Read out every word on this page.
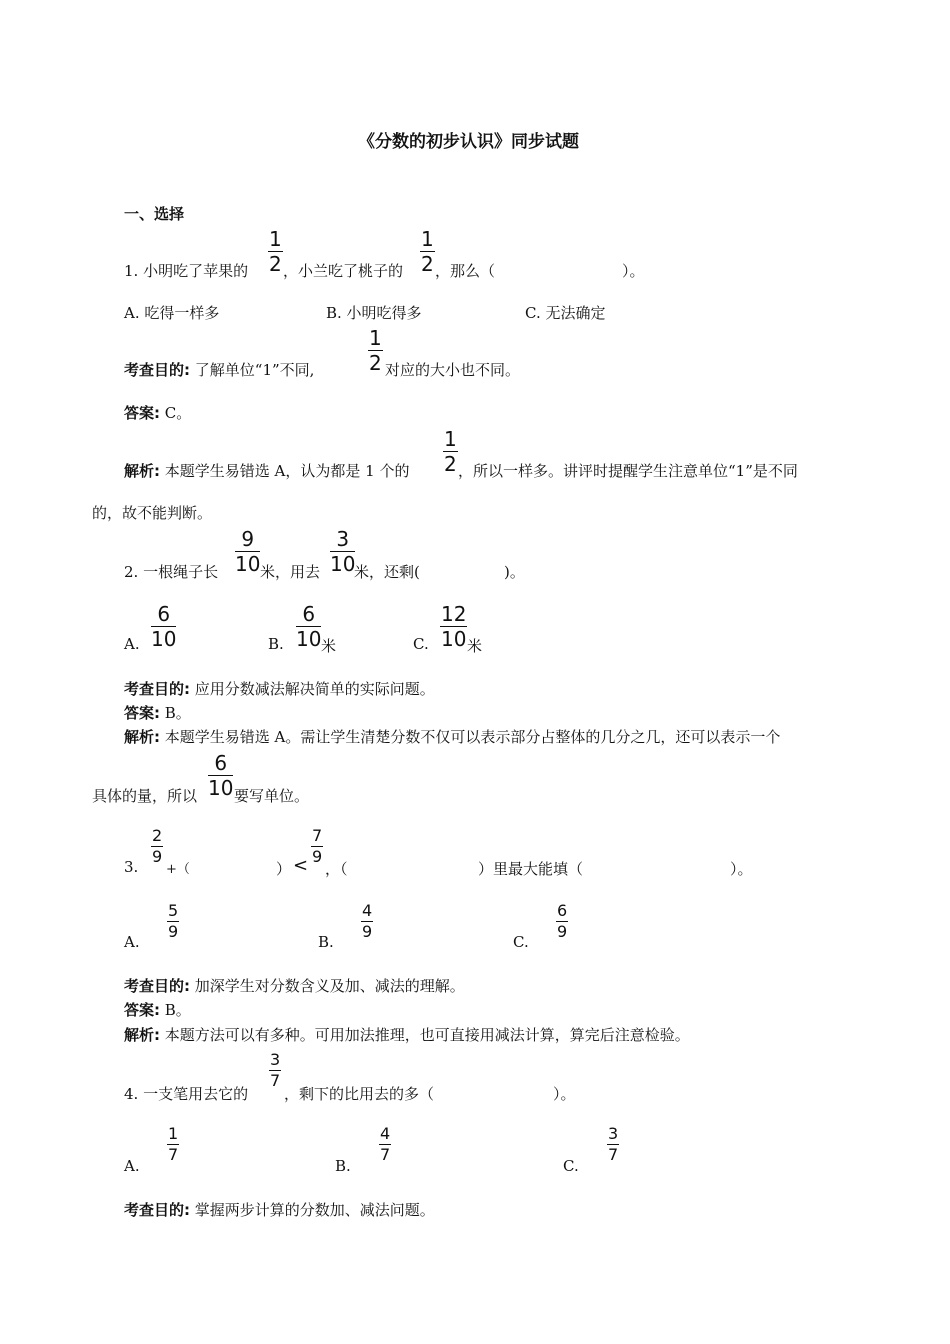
《分数的初步认识》同步试题
一、选择
1. 小明吃了苹果的
1
2 ，小兰吃了桃子的
1
2 ，那么（	）。
A. 吃得一样多	B. 小明吃得多	C. 无法确定
考查目的: 了解单位“1”不同,
1
2 对应的大小也不同。
答案: C。
解析: 本题学生易错选 A，认为都是 1 个的
1
2 ，所以一样多。讲评时提醒学生注意单位“1”是不同
的，故不能判断。
2. 一根绳子长
9
10 米，用去
3
10
米，还剩(	)。
A.
6
10	B.
6
10 米	C.
12
10 米
考查目的: 应用分数减法解决简单的实际问题。
答案: B。
解析: 本题学生易错选 A。需让学生清楚分数不仅可以表示部分占整体的几分之几，还可以表示一个
具体的量，所以
6
10 要写单位。
3.
2
9
+（	） <
7
9
，（	）里最大能填（	）。
A.
5
9
B.
4
9
C.
6
9
考查目的: 加深学生对分数含义及加、减法的理解。
答案: B。
解析: 本题方法可以有多种。可用加法推理，也可直接用减法计算，算完后注意检验。
4. 一支笔用去它的
3
7
，剩下的比用去的多（	）。
A.
1
7
B.
4
7
C.
3
7
考查目的: 掌握两步计算的分数加、减法问题。
